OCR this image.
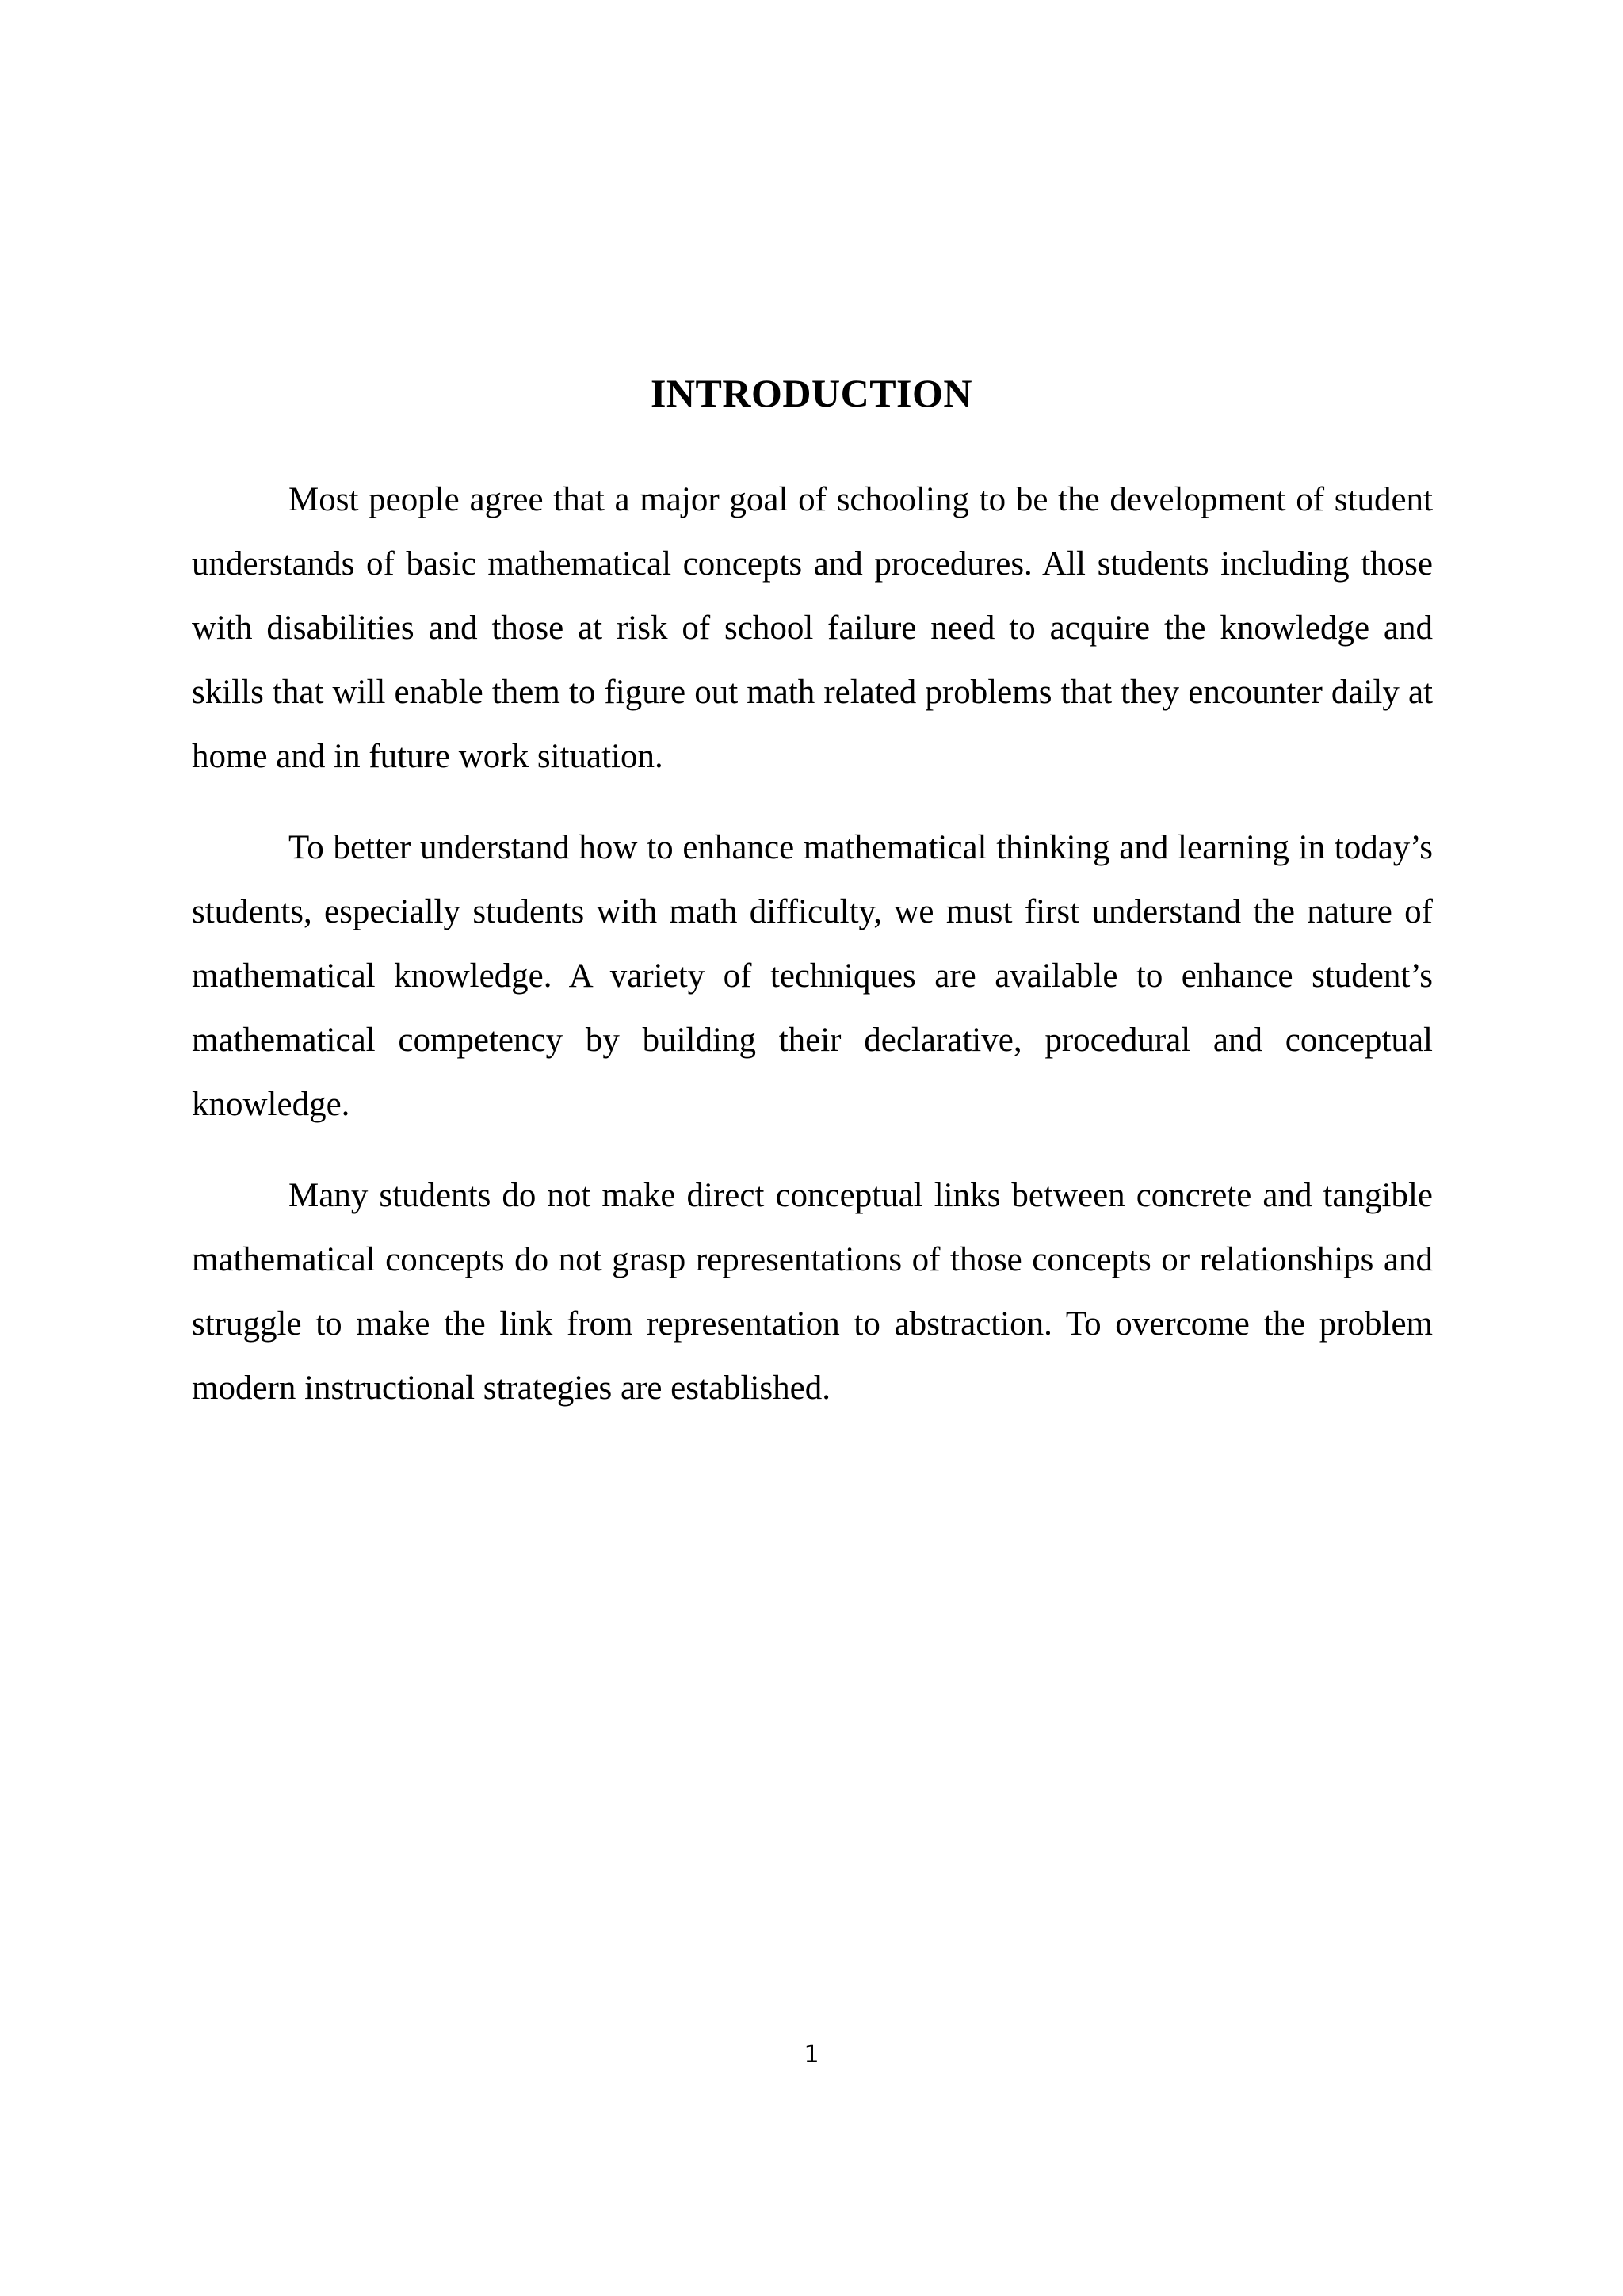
INTRODUCTION

Most people agree that a major goal of schooling to be the development of student understands of basic mathematical concepts and procedures. All students including those with disabilities and those at risk of school failure need to acquire the knowledge and skills that will enable them to figure out math related problems that they encounter daily at home and in future work situation.

To better understand how to enhance mathematical thinking and learning in today’s students, especially students with math difficulty, we must first understand the nature of mathematical knowledge. A variety of techniques are available to enhance student’s mathematical competency by building their declarative, procedural and conceptual knowledge.

Many students do not make direct conceptual links between concrete and tangible mathematical concepts do not grasp representations of those concepts or relationships and struggle to make the link from representation to abstraction. To overcome the problem modern instructional strategies are established.

1
